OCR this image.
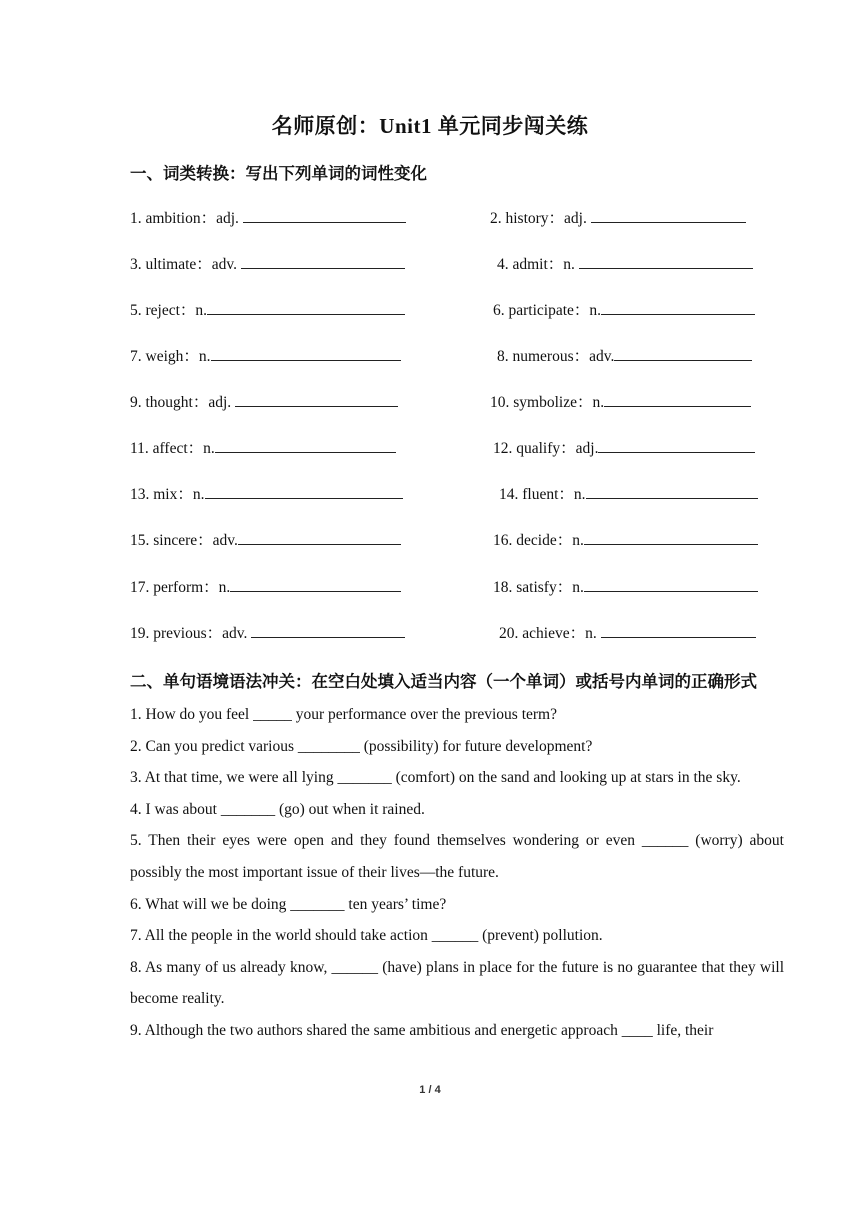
名师原创：Unit1 单元同步闯关练
一、词类转换：写出下列单词的词性变化
1. ambition：adj.	2. history：adj.
3. ultimate：adv.	4. admit：n.
5. reject：n.	6. participate：n.
7. weigh：n.	8. numerous：adv.
9. thought：adj.	10. symbolize：n.
11. affect：n.	12. qualify：adj.
13. mix：n.	14. fluent：n.
15. sincere：adv.	16. decide：n.
17. perform：n.	18. satisfy：n.
19. previous：adv.	20. achieve：n.
二、单句语境语法冲关：在空白处填入适当内容（一个单词）或括号内单词的正确形式

1. How do you feel _____ your performance over the previous term?

2. Can you predict various ________ (possibility) for future development?

3. At that time, we were all lying _______ (comfort) on the sand and looking up at stars in the sky.

4. I was about _______ (go) out when it rained.

5. Then their eyes were open and they found themselves wondering or even ______ (worry) about possibly the most important issue of their lives—the future.

6. What will we be doing _______ ten years’ time?

7. All the people in the world should take action ______ (prevent) pollution.

8. As many of us already know, ______ (have) plans in place for the future is no guarantee that they will become reality.

9. Although the two authors shared the same ambitious and energetic approach ____ life, their

1 / 4
